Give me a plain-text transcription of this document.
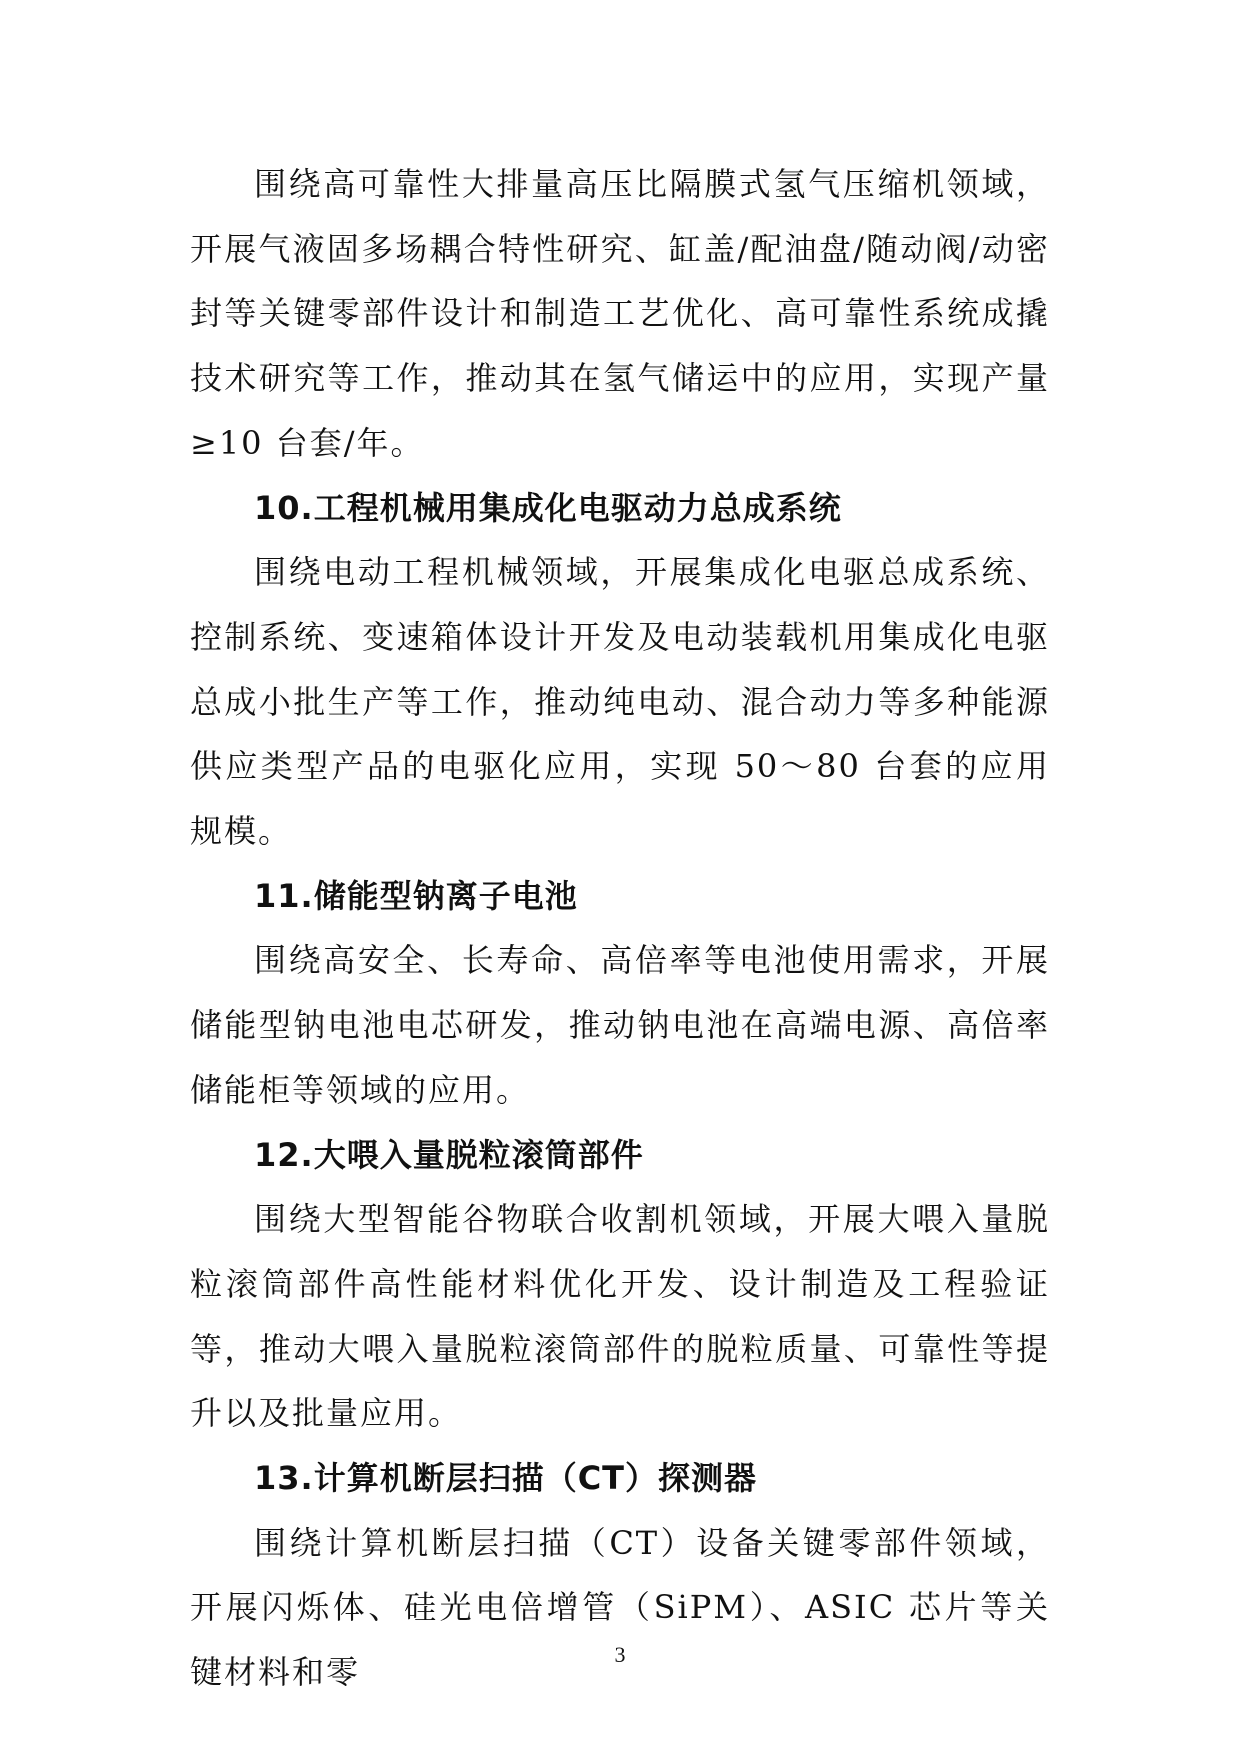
围绕高可靠性大排量高压比隔膜式氢气压缩机领域，开展气液固多场耦合特性研究、缸盖/配油盘/随动阀/动密封等关键零部件设计和制造工艺优化、高可靠性系统成撬技术研究等工作，推动其在氢气储运中的应用，实现产量≥10 台套/年。

10.工程机械用集成化电驱动力总成系统

围绕电动工程机械领域，开展集成化电驱总成系统、控制系统、变速箱体设计开发及电动装载机用集成化电驱总成小批生产等工作，推动纯电动、混合动力等多种能源供应类型产品的电驱化应用，实现 50～80 台套的应用规模。

11.储能型钠离子电池

围绕高安全、长寿命、高倍率等电池使用需求，开展储能型钠电池电芯研发，推动钠电池在高端电源、高倍率储能柜等领域的应用。

12.大喂入量脱粒滚筒部件

围绕大型智能谷物联合收割机领域，开展大喂入量脱粒滚筒部件高性能材料优化开发、设计制造及工程验证等，推动大喂入量脱粒滚筒部件的脱粒质量、可靠性等提升以及批量应用。

13.计算机断层扫描（CT）探测器

围绕计算机断层扫描（CT）设备关键零部件领域，开展闪烁体、硅光电倍增管（SiPM）、ASIC 芯片等关键材料和零	3
